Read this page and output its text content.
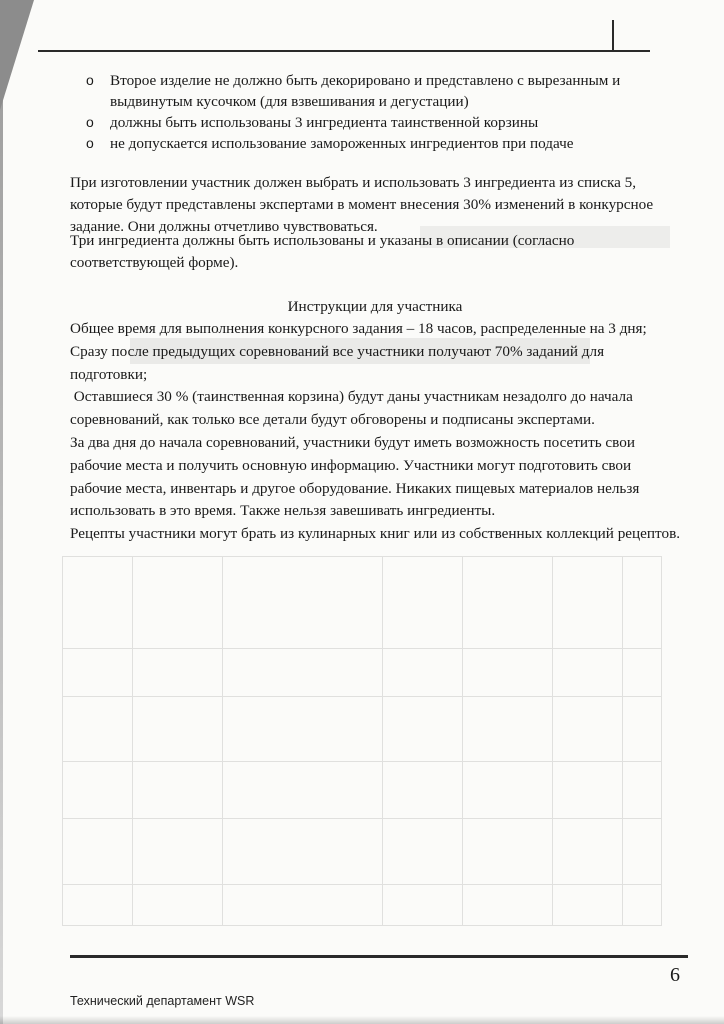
o Второе изделие не должно быть декорировано и представлено с вырезанным и выдвинутым кусочком (для взвешивания и дегустации)
o должны быть использованы 3 ингредиента таинственной корзины
o не допускается использование замороженных ингредиентов при подаче

При изготовлении участник должен выбрать и использовать 3 ингредиента из списка 5, которые будут представлены экспертами в момент внесения 30% изменений в конкурсное задание. Они должны отчетливо чувствоваться.

Три ингредиента должны быть использованы и указаны в описании (согласно соответствующей форме).

Инструкции для участника

Общее время для выполнения конкурсного задания – 18 часов, распределенные на 3 дня;

Сразу после предыдущих соревнований все участники получают 70% заданий для подготовки;

Оставшиеся 30 % (таинственная корзина) будут даны участникам незадолго до начала соревнований, как только все детали будут обговорены и подписаны экспертами.

За два дня до начала соревнований, участники будут иметь возможность посетить свои рабочие места и получить основную информацию. Участники могут подготовить свои рабочие места, инвентарь и другое оборудование. Никаких пищевых материалов нельзя использовать в это время. Также нельзя завешивать ингредиенты.

Рецепты участники могут брать из кулинарных книг или из собственных коллекций рецептов.

6
Технический департамент WSR
